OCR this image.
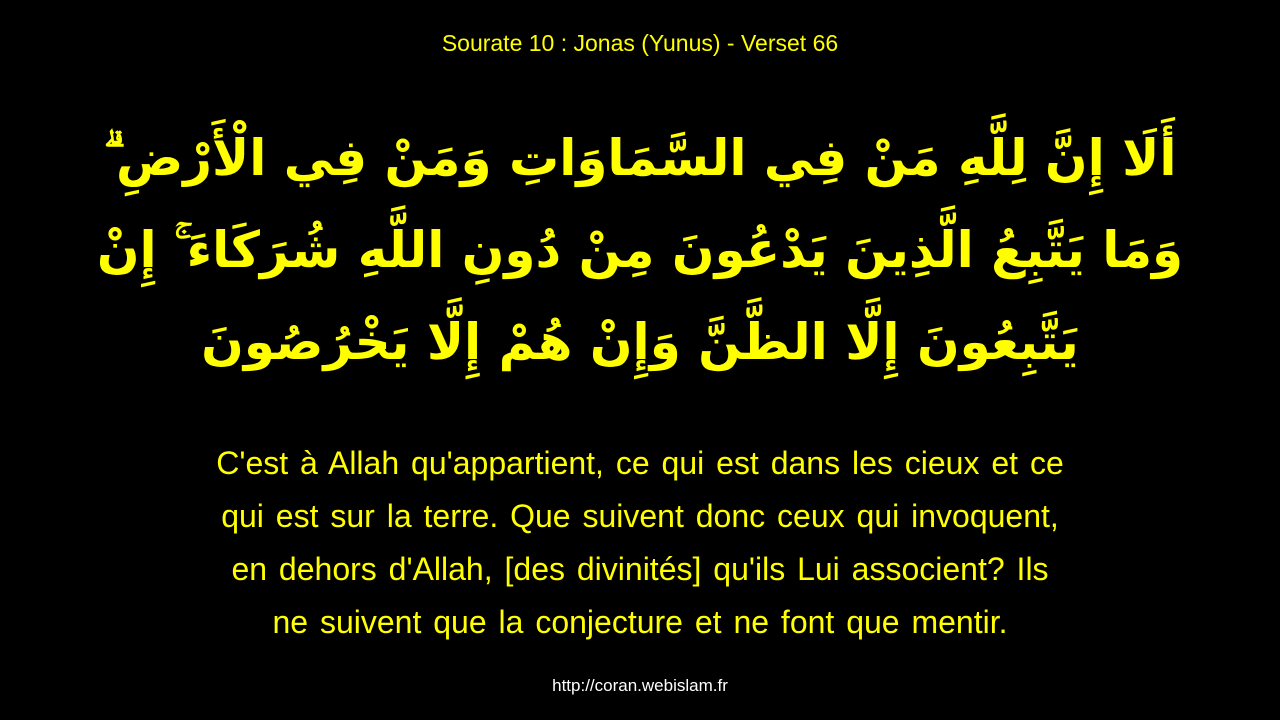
Sourate 10 : Jonas (Yunus) - Verset 66
أَلَا إِنَّ لِلَّهِ مَنْ فِي السَّمَاوَاتِ وَمَنْ فِي الْأَرْضِ ۗ
وَمَا يَتَّبِعُ الَّذِينَ يَدْعُونَ مِنْ دُونِ اللَّهِ شُرَكَاءَ ۚ إِنْ
يَتَّبِعُونَ إِلَّا الظَّنَّ وَإِنْ هُمْ إِلَّا يَخْرُصُونَ
C'est à Allah qu'appartient, ce qui est dans les cieux et ce
qui est sur la terre. Que suivent donc ceux qui invoquent,
en dehors d'Allah, [des divinités] qu'ils Lui associent? Ils
ne suivent que la conjecture et ne font que mentir.
http://coran.webislam.fr
